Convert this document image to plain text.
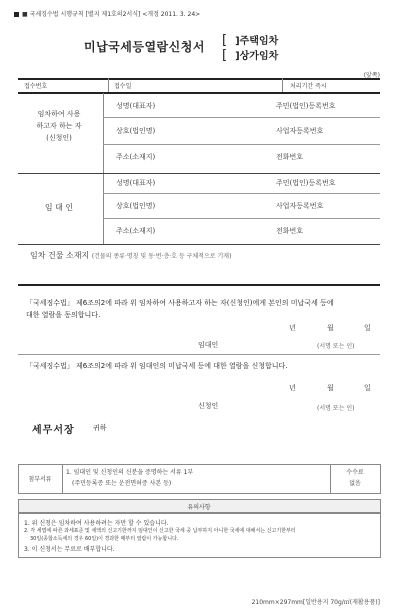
■ 국세징수법 시행규칙 [별지 제1호의2서식] <개정 2011. 3. 24>
미납국세등열람신청서 [ ]주택임차
[ ]상가임차
(앞쪽)
접수번호	접수일	처리기간 즉시
임차하여 사용
하고자 하는 자
(신청인)
성명(대표자)	주민(법인)등록번호
상호(법인명)	사업자등록번호
주소(소재지)	전화번호
임 대 인
성명(대표자)	주민(법인)등록번호
상호(법인명)	사업자등록번호
주소(소재지)	전화번호
임차 건물 소재지 (건물의 종류·명칭 및 동·번·층·호 등 구체적으로 기재)
「국세징수법」 제6조의2에 따라 위 임차하여 사용하고자 하는 자(신청인)에게 본인의 미납국세 등에
대한 열람을 동의합니다.
년	월	일
임대인	(서명 또는 인)
「국세징수법」 제6조의2에 따라 위 임대인의 미납국세 등에 대한 열람을 신청합니다.
년	월	일
신청인	(서명 또는 인)
세무서장	귀하
첨부서류
1. 임대인 및 신청인의 신분을 증명하는 서류 1부
(주민등록증 또는 운전면허증 사본 등)
수수료
없음
유의사항
1. 위 신청은 임차하여 사용하려는 자만 할 수 있습니다.
2. 각 세법에 따른 과세표준 및 세액의 신고기한까지 임대인이 신고한 국세 중 납부하지 아니한 국세에 대해서는 신고기한부터
30일(종합소득세의 경우 60일)이 경과한 때부터 열람이 가능합니다.
3. 이 신청서는 무료로 배부합니다.
210mm×297mm[일반용지 70g/㎡(재활용품)]
